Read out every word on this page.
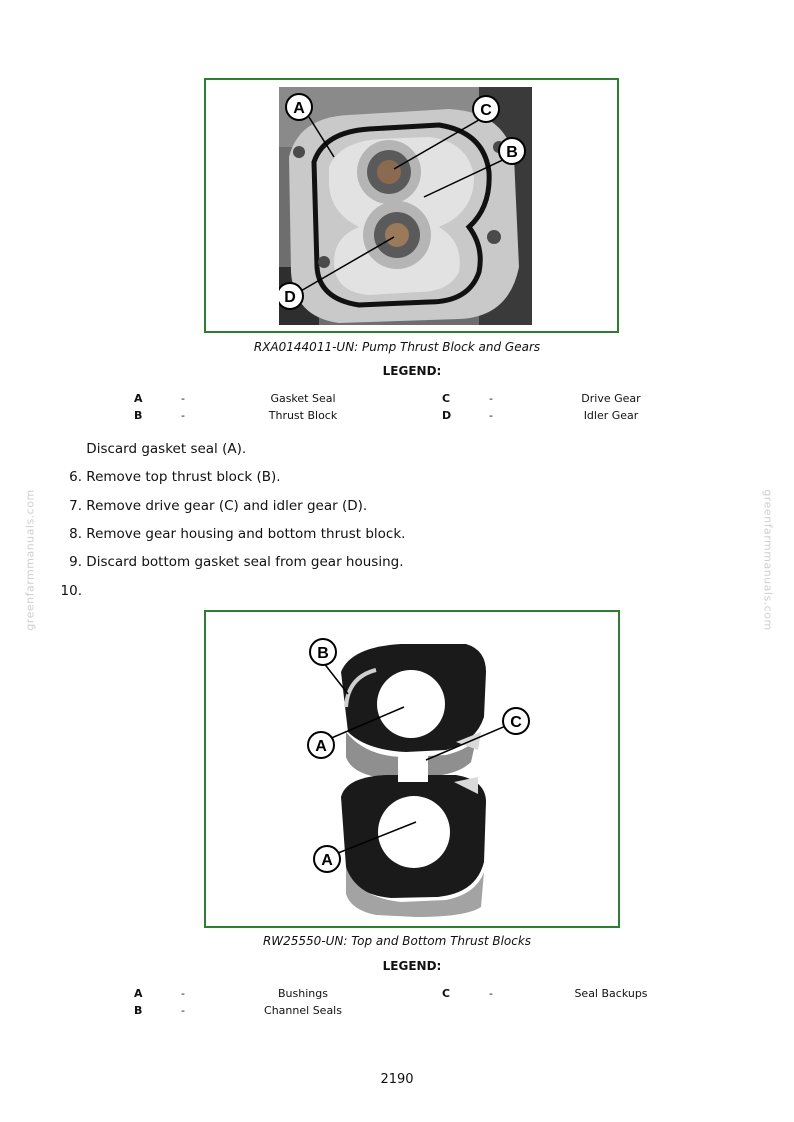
A	C
B
D
RXA0144011-UN: Pump Thrust Block and Gears
LEGEND:
A	-	Gasket Seal
B	-	Thrust Block
C	-	Drive Gear
D	-	Idler Gear
Discard gasket seal (A).
6. Remove top thrust block (B).
7. Remove drive gear (C) and idler gear (D).
8. Remove gear housing and bottom thrust block.
9. Discard bottom gasket seal from gear housing.
10.
B
A
C
A
RW25550-UN: Top and Bottom Thrust Blocks
LEGEND:
A	-	Bushings
B	-	Channel Seals
C	-	Seal Backups
greenfarmmanuals.com	greenfarmmanuals.com
2190
